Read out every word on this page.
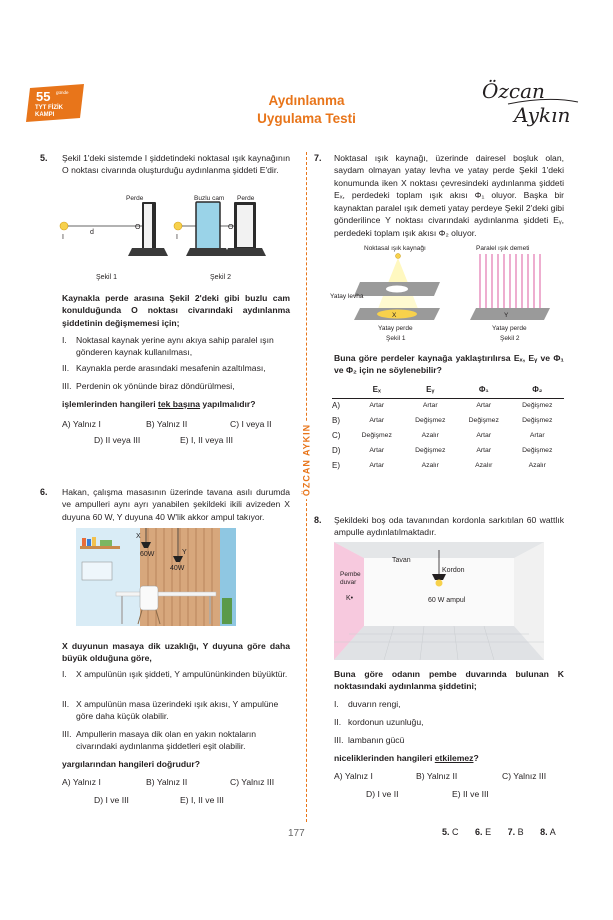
55 günde
TYT FİZİK
KAMPI
Aydınlanma
Uygulama Testi
Özcan
Aykın
ÖZCAN AYKIN
5. Şekil 1'deki sistemde I şiddetindeki noktasal ışık kaynağının O noktası civarında oluşturduğu aydınlanma şiddeti E'dir.
I
d
O
Perde
Şekil 1
I
O
Buzlu cam Perde
Şekil 2
Kaynakla perde arasına Şekil 2'deki gibi buzlu cam konulduğunda O noktası civarındaki aydınlanma şiddetinin değişmemesi için;
I. Noktasal kaynak yerine aynı akıya sahip paralel ışın gönderen kaynak kullanılması,
II. Kaynakla perde arasındaki mesafenin azaltılması,
III. Perdenin ok yönünde biraz döndürülmesi,
işlemlerinden hangileri tek başına yapılmalıdır?
A) Yalnız I	B) Yalnız II	C) I veya II
D) II veya III	E) I, II veya III
6. Hakan, çalışma masasının üzerinde tavana asılı durumda ve ampulleri aynı ayrı yanabilen şekildeki ikili avizeden X duyuna 60 W, Y duyuna 40 W'lik akkor ampul takıyor.
X
60W	Y
40W
X duyunun masaya dik uzaklığı, Y duyuna göre daha büyük olduğuna göre,
I. X ampulünün ışık şiddeti, Y ampulününkinden büyüktür.
II. X ampulünün masa üzerindeki ışık akısı, Y ampulüne göre daha küçük olabilir.
III. Ampullerin masaya dik olan en yakın noktaların civarındaki aydınlanma şiddetleri eşit olabilir.
yargılarından hangileri doğrudur?
A) Yalnız I	B) Yalnız II	C) Yalnız III
D) I ve III	E) I, II ve III
7. Noktasal ışık kaynağı, üzerinde dairesel boşluk olan, saydam olmayan yatay levha ve yatay perde Şekil 1'deki konumunda iken X noktası çevresindeki aydınlanma şiddeti Eₓ, perdedeki toplam ışık akısı Φ₁ oluyor. Başka bir kaynaktan paralel ışık demeti yatay perdeye Şekil 2'deki gibi gönderilince Y noktası civarındaki aydınlanma şiddeti Eᵧ, perdedeki toplam ışık akısı Φ₂ oluyor.
Noktasal ışık kaynağı
X
Yatay levha
Yatay perde
Şekil 1
Paralel ışık demeti
Y
Yatay perde
Şekil 2
Buna göre perdeler kaynağa yaklaştırılırsa Eₓ, Eᵧ ve Φ₁ ve Φ₂ için ne söylenebilir?
	Eₓ	Eᵧ	Φ₁	Φ₂
A)	Artar	Artar	Artar	Değişmez
B)	Artar	Değişmez	Değişmez	Değişmez
C)	Değişmez	Azalır	Artar	Artar
D)	Artar	Değişmez	Artar	Değişmez
E)	Artar	Azalır	Azalır	Azalır
8. Şekildeki boş oda tavanından kordonla sarkıtılan 60 wattlık ampulle aydınlatılmaktadır.
Tavan
Kordon
Pembe
duvar
K•	60 W ampul
Buna göre odanın pembe duvarında bulunan K noktasındaki aydınlanma şiddetini;
I. duvarın rengi,
II. kordonun uzunluğu,
III. lambanın gücü
niceliklerinden hangileri etkilemez?
A) Yalnız I	B) Yalnız II	C) Yalnız III
D) I ve II	E) II ve III
177	5. C 6. E 7. B 8. A
